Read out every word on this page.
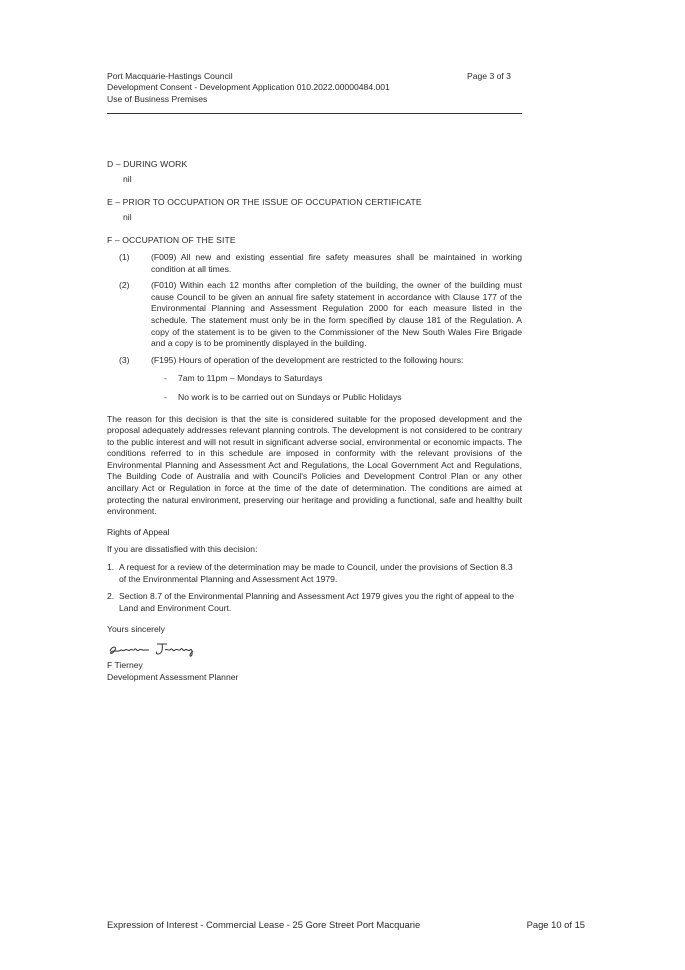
Port Macquarie-Hastings Council
Development Consent - Development Application 010.2022.00000484.001
Use of Business Premises
Page 3 of 3

D – DURING WORK

nil

E – PRIOR TO OCCUPATION OR THE ISSUE OF OCCUPATION CERTIFICATE

nil

F – OCCUPATION OF THE SITE

(1)	(F009) All new and existing essential fire safety measures shall be maintained in working condition at all times.
(2)	(F010) Within each 12 months after completion of the building, the owner of the building must cause Council to be given an annual fire safety statement in accordance with Clause 177 of the Environmental Planning and Assessment Regulation 2000 for each measure listed in the schedule. The statement must only be in the form specified by clause 181 of the Regulation. A copy of the statement is to be given to the Commissioner of the New South Wales Fire Brigade and a copy is to be prominently displayed in the building.
(3)	(F195) Hours of operation of the development are restricted to the following hours:
-	7am to 11pm – Mondays to Saturdays
-	No work is to be carried out on Sundays or Public Holidays

The reason for this decision is that the site is considered suitable for the proposed development and the proposal adequately addresses relevant planning controls. The development is not considered to be contrary to the public interest and will not result in significant adverse social, environmental or economic impacts. The conditions referred to in this schedule are imposed in conformity with the relevant provisions of the Environmental Planning and Assessment Act and Regulations, the Local Government Act and Regulations, The Building Code of Australia and with Council's Policies and Development Control Plan or any other ancillary Act or Regulation in force at the time of the date of determination. The conditions are aimed at protecting the natural environment, preserving our heritage and providing a functional, safe and healthy built environment.

Rights of Appeal

If you are dissatisfied with this decision:

1. A request for a review of the determination may be made to Council, under the provisions of Section 8.3 of the Environmental Planning and Assessment Act 1979.
2. Section 8.7 of the Environmental Planning and Assessment Act 1979 gives you the right of appeal to the Land and Environment Court.
Yours sincerely
F Tierney
Development Assessment Planner
Expression of Interest - Commercial Lease - 25 Gore Street Port Macquarie	Page 10 of 15
